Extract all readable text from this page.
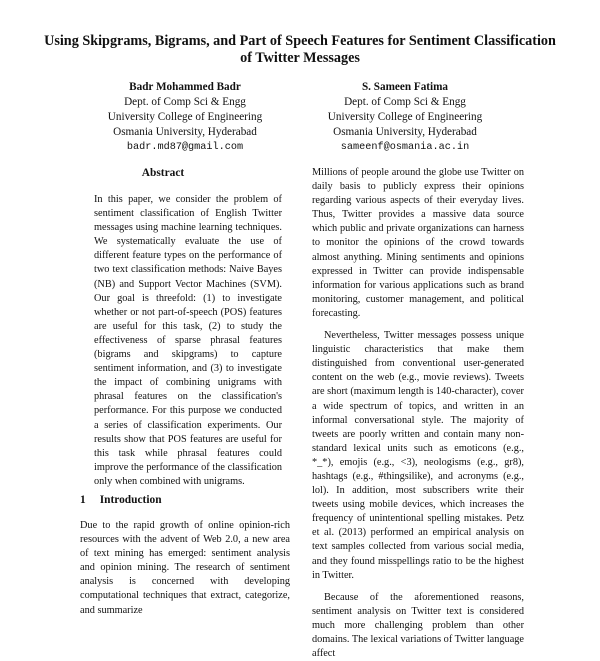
Using Skipgrams, Bigrams, and Part of Speech Features for Sentiment Classification of Twitter Messages
Badr Mohammed Badr
Dept. of Comp Sci & Engg
University College of Engineering
Osmania University, Hyderabad
badr.md87@gmail.com
S. Sameen Fatima
Dept. of Comp Sci & Engg
University College of Engineering
Osmania University, Hyderabad
sameenf@osmania.ac.in
Abstract

In this paper, we consider the problem of sentiment classification of English Twitter messages using machine learning techniques. We systematically evaluate the use of different feature types on the performance of two text classification methods: Naive Bayes (NB) and Support Vector Machines (SVM). Our goal is threefold: (1) to investigate whether or not part-of-speech (POS) features are useful for this task, (2) to study the effectiveness of sparse phrasal features (bigrams and skipgrams) to capture sentiment information, and (3) to investigate the impact of combining unigrams with phrasal features on the classification's performance. For this purpose we conducted a series of classification experiments. Our results show that POS features are useful for this task while phrasal features could improve the performance of the classification only when combined with unigrams.

1 Introduction

Due to the rapid growth of online opinion-rich resources with the advent of Web 2.0, a new area of text mining has emerged: sentiment analysis and opinion mining. The research of sentiment analysis is concerned with developing computational techniques that extract, categorize, and summarize

Millions of people around the globe use Twitter on daily basis to publicly express their opinions regarding various aspects of their everyday lives. Thus, Twitter provides a massive data source which public and private organizations can harness to monitor the opinions of the crowd towards almost anything. Mining sentiments and opinions expressed in Twitter can provide indispensable information for various applications such as brand monitoring, customer management, and political forecasting.

Nevertheless, Twitter messages possess unique linguistic characteristics that make them distinguished from conventional user-generated content on the web (e.g., movie reviews). Tweets are short (maximum length is 140-character), cover a wide spectrum of topics, and written in an informal conversational style. The majority of tweets are poorly written and contain many non-standard lexical units such as emoticons (e.g., *_*), emojis (e.g., <3), neologisms (e.g., gr8), hashtags (e.g., #thingsilike), and acronyms (e.g., lol). In addition, most subscribers write their tweets using mobile devices, which increases the frequency of unintentional spelling mistakes. Petz et al. (2013) performed an empirical analysis on text samples collected from various social media, and they found misspellings ratio to be the highest in Twitter.

Because of the aforementioned reasons, sentiment analysis on Twitter text is considered much more challenging problem than other domains. The lexical variations of Twitter language affect
